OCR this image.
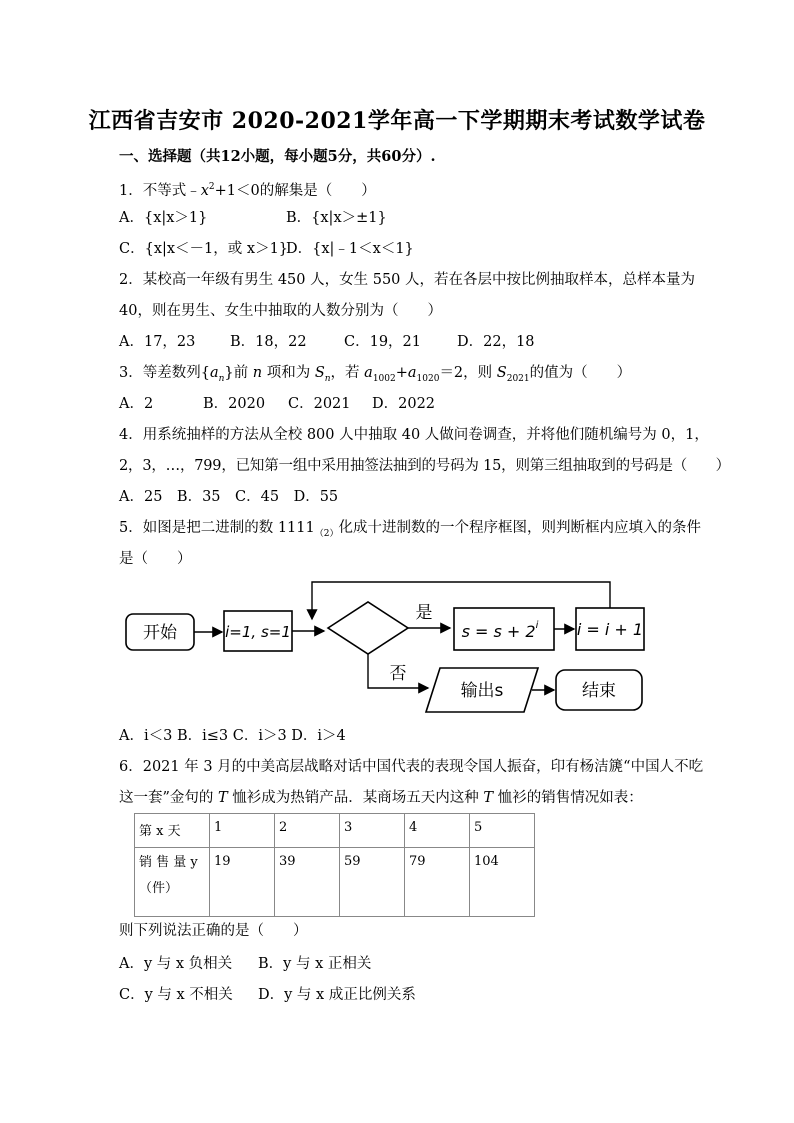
江西省吉安市 2020-2021学年高一下学期期末考试数学试卷
一、选择题（共12小题，每小题5分，共60分）.
1．不等式$﹣x^2+1<0$的解集是（　　）
A．{x|x＞1}	B．{x|x＞±1}
C．{x|x＜－1，或 x＞1}D．{x|﹣1＜x＜1}
2．某校高一年级有男生 450 人，女生 550 人，若在各层中按比例抽取样本，总样本量为
40，则在男生、女生中抽取的人数分别为（　　）
A．17，23 B．18，22	C．19，21 D．22，18
3．等差数列$\{a_n\}$前 n 项和为 $S_n$，若 $a_{1002}+a_{1020}=2$，则 $S_{2021}$的值为（　　）
A．2	B．2020 C．2021 D．2022
4．用系统抽样的方法从全校 800 人中抽取 40 人做问卷调查，并将他们随机编号为 0，1，
2，3，…，799，已知第一组中采用抽签法抽到的号码为 15，则第三组抽取到的号码是（　　）
A．25　B．35　C．45　D．55
5．如图是把二进制的数 $1111_{(2)}$化成十进制数的一个程序框图，则判断框内应填入的条件
是（　　）
开始	i=1, s=1
是
$s = s + 2^i$ i = i + 1
否
输出s	结束
A．i＜3 B．i≤3 C．i＞3 D．i＞4
6．2021 年 3 月的中美高层战略对话中国代表的表现令国人振奋，印有杨洁篪“中国人不吃
这一套”金句的 T 恤衫成为热销产品．某商场五天内这种 T 恤衫的销售情况如表：
第 x 天	1	2	3	4	5

销 售 量 y
（件）	19	39	59	79	104
则下列说法正确的是（　　）
A．y 与 x 负相关 B．y 与 x 正相关
C．y 与 x 不相关 D．y 与 x 成正比例关系
